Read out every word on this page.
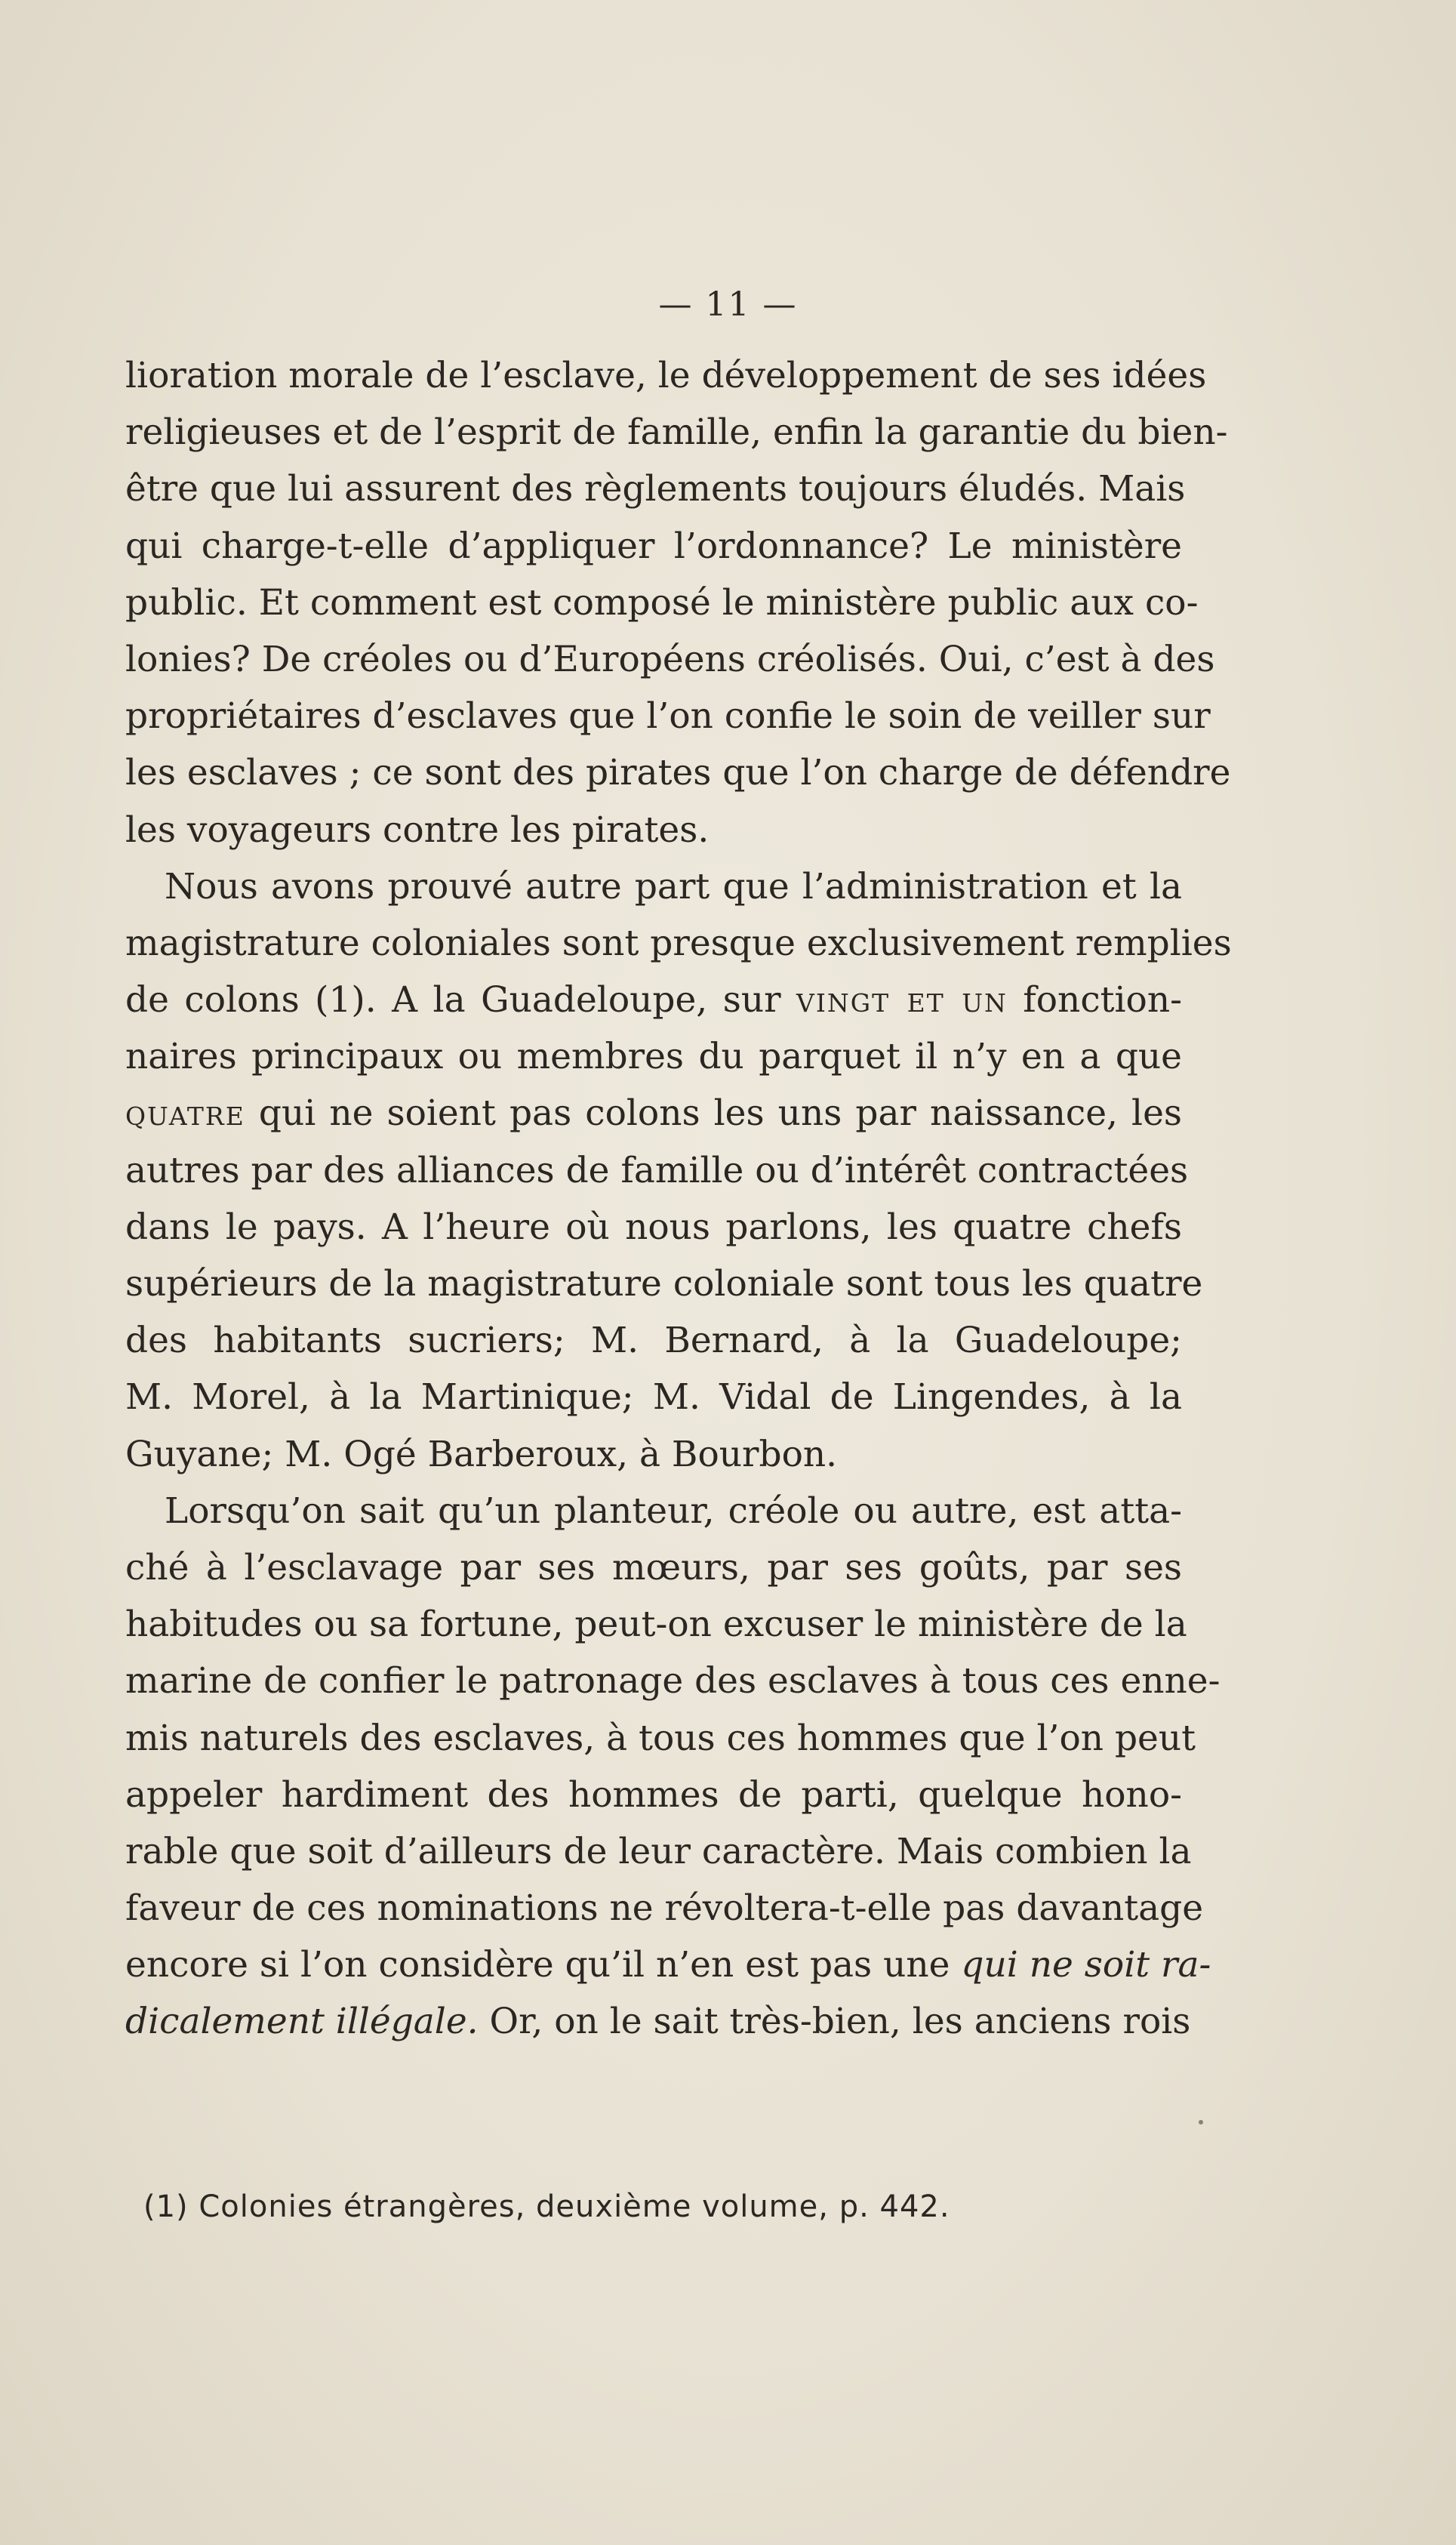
— 11 —
lioration morale de l’esclave, le développement de ses idées
religieuses et de l’esprit de famille, enfin la garantie du bien-
être que lui assurent des règlements toujours éludés. Mais
qui charge-t-elle d’appliquer l’ordonnance? Le ministère
public. Et comment est composé le ministère public aux co-
lonies? De créoles ou d’Européens créolisés. Oui, c’est à des
propriétaires d’esclaves que l’on confie le soin de veiller sur
les esclaves ; ce sont des pirates que l’on charge de défendre
les voyageurs contre les pirates.
Nous avons prouvé autre part que l’administration et la
magistrature coloniales sont presque exclusivement remplies
de colons (1). A la Guadeloupe, sur vingt et un fonction-
naires principaux ou membres du parquet il n’y en a que
quatre qui ne soient pas colons les uns par naissance, les
autres par des alliances de famille ou d’intérêt contractées
dans le pays. A l’heure où nous parlons, les quatre chefs
supérieurs de la magistrature coloniale sont tous les quatre
des habitants sucriers; M. Bernard, à la Guadeloupe;
M. Morel, à la Martinique; M. Vidal de Lingendes, à la
Guyane; M. Ogé Barberoux, à Bourbon.
Lorsqu’on sait qu’un planteur, créole ou autre, est atta-
ché à l’esclavage par ses mœurs, par ses goûts, par ses
habitudes ou sa fortune, peut-on excuser le ministère de la
marine de confier le patronage des esclaves à tous ces enne-
mis naturels des esclaves, à tous ces hommes que l’on peut
appeler hardiment des hommes de parti, quelque hono-
rable que soit d’ailleurs de leur caractère. Mais combien la
faveur de ces nominations ne révoltera-t-elle pas davantage
encore si l’on considère qu’il n’en est pas une qui ne soit ra-
dicalement illégale. Or, on le sait très-bien, les anciens rois
(1) Colonies étrangères, deuxième volume, p. 442.
